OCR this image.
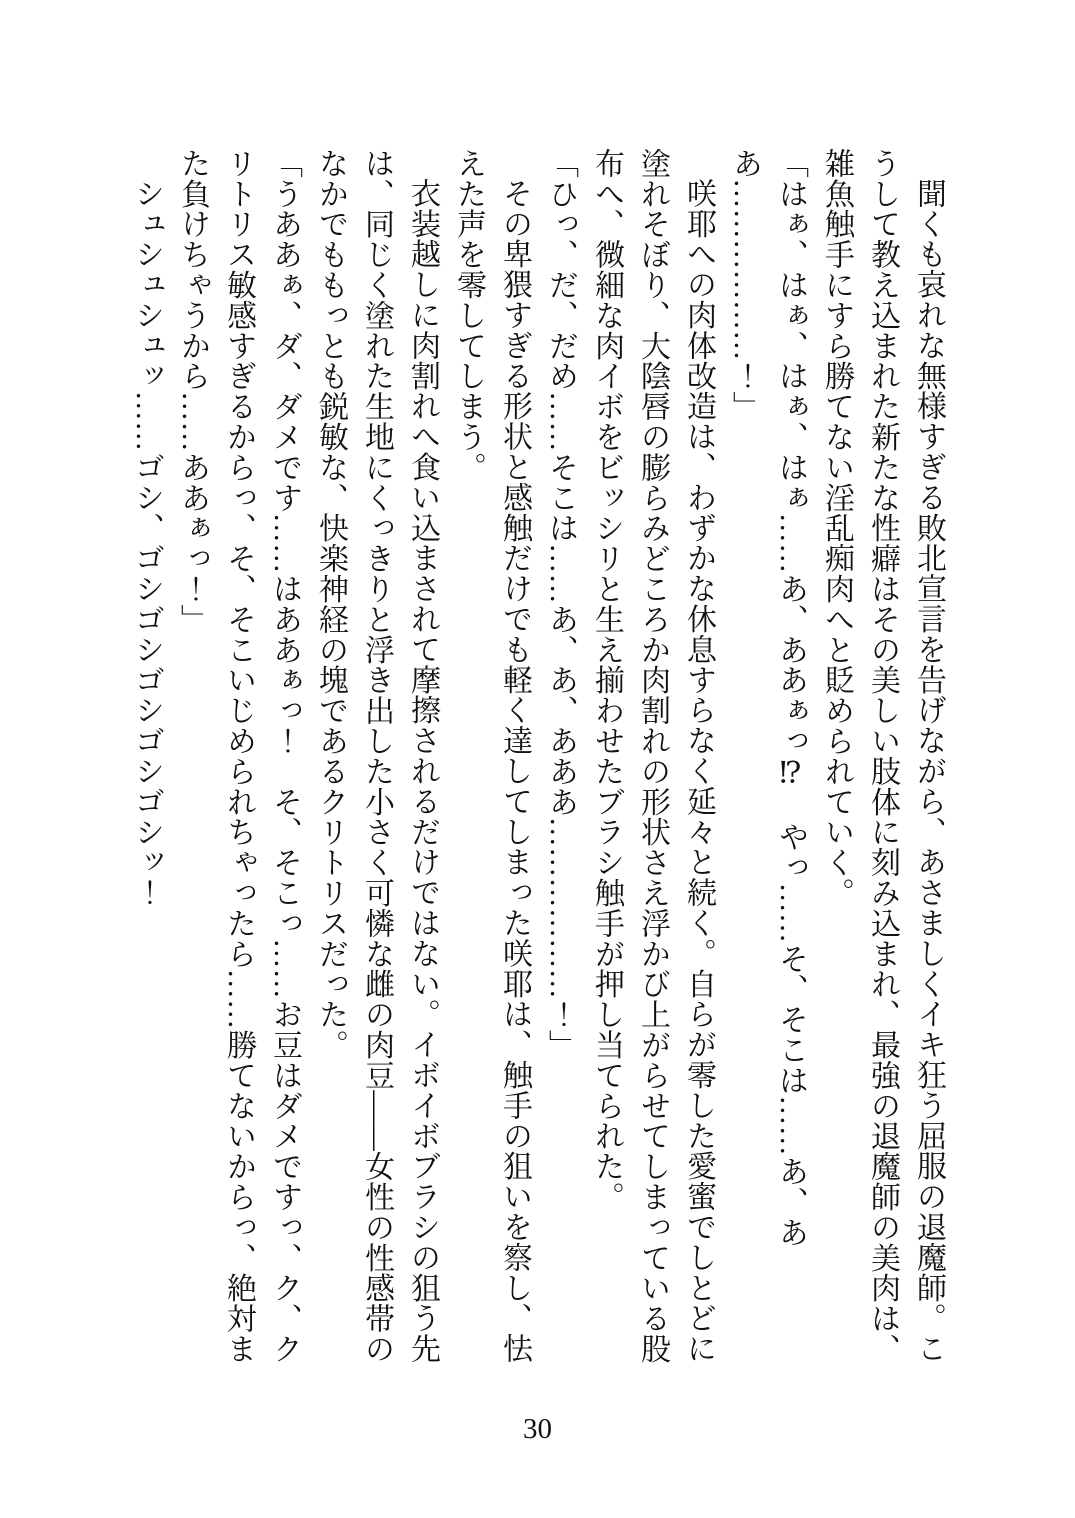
聞くも哀れな無様すぎる敗北宣言を告げながら、あさましくイキ狂う屈服の退魔師。こうして教え込まれた新たな性癖はその美しい肢体に刻み込まれ、最強の退魔師の美肉は、雑魚触手にすら勝てない淫乱痴肉へと貶められていく。

「はぁ、はぁ、はぁ、はぁ……あ、ああぁっ⁉　やっ……そ、そこは……あ、ああ………………！」

咲耶への肉体改造は、わずかな休息すらなく延々と続く。自らが零した愛蜜でしとどに塗れそぼり、大陰唇の膨らみどころか肉割れの形状さえ浮かび上がらせてしまっている股布へ、微細な肉イボをビッシリと生え揃わせたブラシ触手が押し当てられた。

「ひっ、だ、だめ……そこは……あ、あ、あああ………………！」

その卑猥すぎる形状と感触だけでも軽く達してしまった咲耶は、触手の狙いを察し、怯えた声を零してしまう。

衣装越しに肉割れへ食い込まされて摩擦されるだけではない。イボイボブラシの狙う先は、同じく塗れた生地にくっきりと浮き出した小さく可憐な雌の肉豆――女性の性感帯のなかでももっとも鋭敏な、快楽神経の塊であるクリトリスだった。

「うああぁ、ダ、ダメです……はああぁっ！　そ、そこっ……お豆はダメですっ、ク、クリトリス敏感すぎるからっ、そ、そこいじめられちゃったら……勝てないからっ、絶対また負けちゃうから……ああぁっ！」

シュシュシュッ……ゴシ、ゴシゴシゴシゴシゴシッ！

30
